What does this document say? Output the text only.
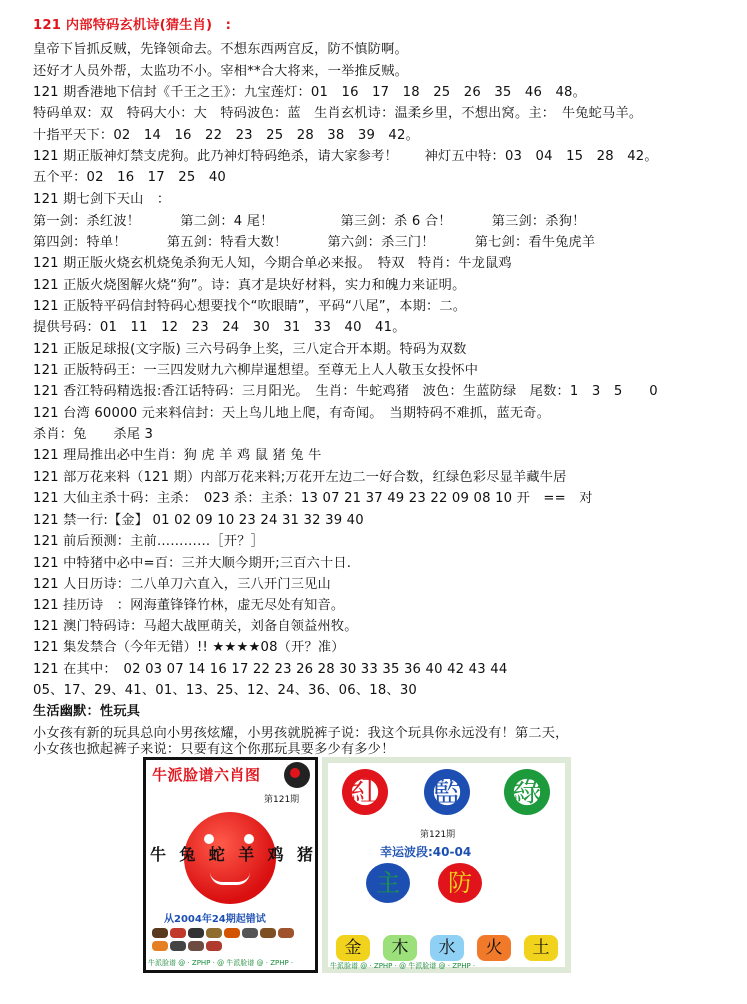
121 内部特码玄机诗(猜生肖)　:
皇帝下旨抓反贼，先锋领命去。不想东西两宫反，防不慎防啊。
还好才人员外帮，太监功不小。宰相**合大将来，一举推反贼。
121 期香港地下信封《千王之王》：九宝莲灯：01　16　17　18　25　26　35　46　48。
特码单双：双　特码大小：大　特码波色：蓝　生肖玄机诗：温柔乡里，不想出窝。主：　牛兔蛇马羊。
十指平天下：02　14　16　22　23　25　28　38　39　42。
121 期正版神灯禁支虎狗。此乃神灯特码绝杀，请大家参考！　　神灯五中特：03　04　15　28　42。
五个平：02　16　17　25　40
121 期七剑下天山　：
第一剑：杀红波！　　　第二剑：4 尾！　　　　　第三剑：杀 6 合！　　　第三剑：杀狗！
第四剑：特单！　　　第五剑：特看大数！　　　第六剑：杀三门！　　　第七剑：看牛兔虎羊
121 期正版火烧玄机烧兔杀狗无人知，今期合单必来报。　特双　特肖：牛龙鼠鸡
121 正版火烧图解火烧“狗”。诗：真才是块好材料，实力和魄力来证明。
121 正版特平码信封特码心想要找个“吹眼睛”，平码“八尾”，本期：二。
提供号码：01　11　12　23　24　30　31　33　40　41。
121 正版足球报(文字版) 三六号码争上奖，三八定合开本期。特码为双数
121 正版特码王：一三四发财九六柳岸暹想望。至尊无上人人敬玉女投怀中
121 香江特码精选报:香江话特码：三月阳光。　生肖：牛蛇鸡猪　波色：生蓝防绿　尾数：1　3　5　　0
121 台湾 60000 元来料信封：天上鸟儿地上爬，有奇闻。　当期特码不难抓，蓝无奇。
杀肖：兔　　杀尾 3
121 理局推出必中生肖：狗 虎 羊 鸡 鼠 猪 兔 牛
121 部万花来料（121 期）内部万花来料;万花开左边二一好合数，红绿色彩尽显羊藏牛居
121 大仙主杀十码：主杀：　023 杀：主杀：13 07 21 37 49 23 22 09 08 10 开　==　对
121 禁一行:【金】 01 02 09 10 23 24 31 32 39 40
121 前后预测：主前…………［开？］
121 中特猪中必中=百：三并大顺今期开;三百六十日.
121 人日历诗：二八单刀六直入，三八开门三见山
121 挂历诗　：网海董锋锋竹林，虚无尽处有知音。
121 澳门特码诗：马超大战匣萌关，刘备自领益州牧。
121 集发禁合（今年无错）!! ★★★★08（开？准）
121 在其中：　02 03 07 14 16 17 22 23 26 28 30 33 35 36 40 42 43 44
05、17、29、41、01、13、25、12、24、36、06、18、30
生活幽默：性玩具
小女孩有新的玩具总向小男孩炫耀，小男孩就脱裤子说：我这个玩具你永远没有！第二天，
小女孩也掀起裤子来说：只要有这个你那玩具要多少有多少！
牛派脸谱六肖图
第121期
牛 兔 蛇 羊 鸡 猪
从2004年24期起错试
牛派脸谱 @ · ZPHP · @ 牛派脸谱 @ · ZPHP ·
紅 藍 綠
第121期
幸运波段:40-04
主	防
金	木	水	火	土
牛派脸谱 @ · ZPHP · @ 牛派脸谱 @ · ZPHP ·
